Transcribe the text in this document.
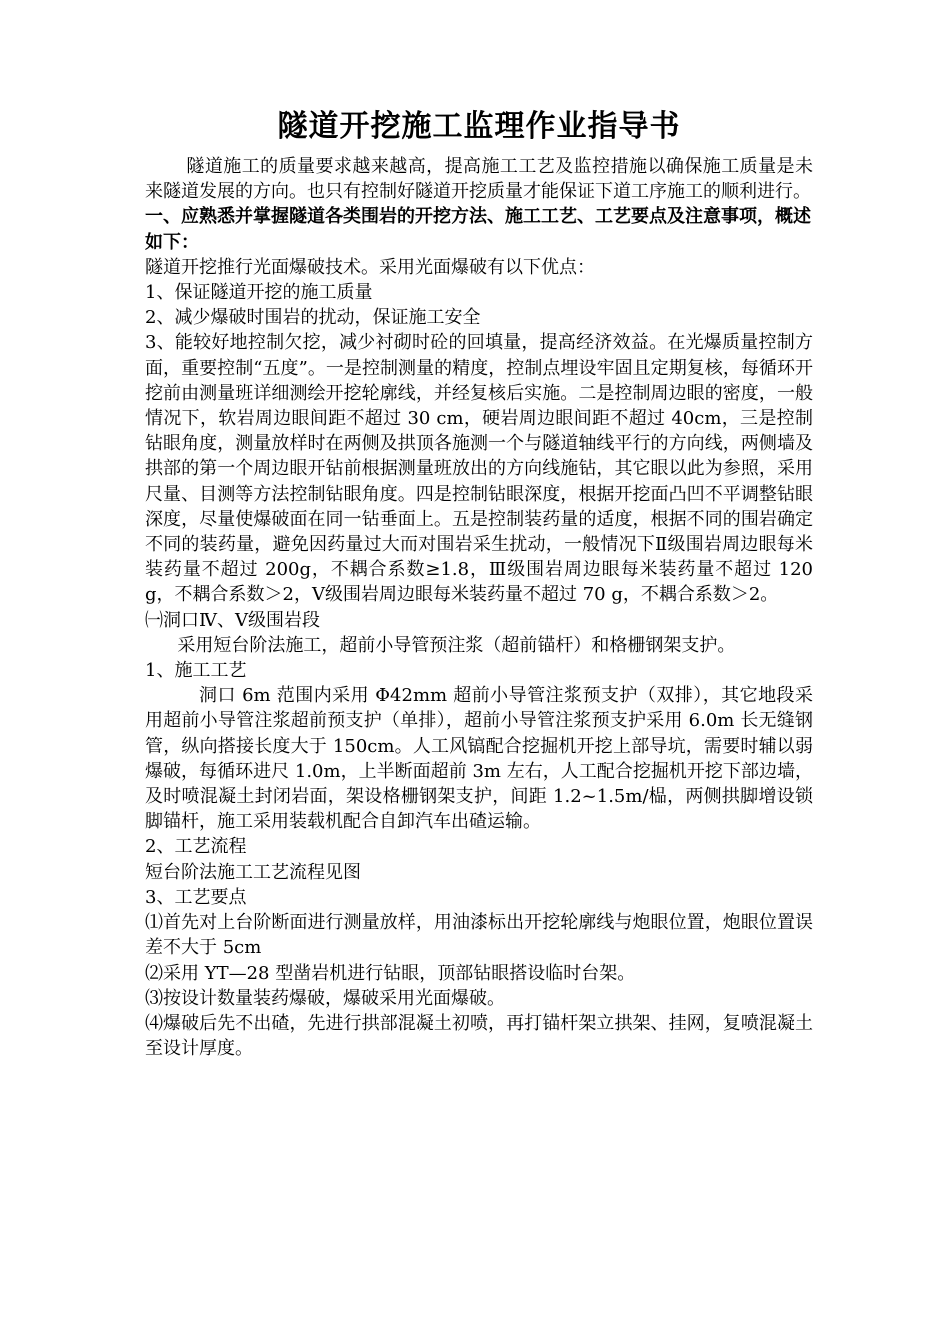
隧道开挖施工监理作业指导书

隧道施工的质量要求越来越高，提高施工工艺及监控措施以确保施工质量是未来隧道发展的方向。也只有控制好隧道开挖质量才能保证下道工序施工的顺利进行。

一、应熟悉并掌握隧道各类围岩的开挖方法、施工工艺、工艺要点及注意事项，概述如下：

隧道开挖推行光面爆破技术。采用光面爆破有以下优点：

1、保证隧道开挖的施工质量

2、减少爆破时围岩的扰动，保证施工安全

3、能较好地控制欠挖，减少衬砌时砼的回填量，提高经济效益。在光爆质量控制方面，重要控制“五度”。一是控制测量的精度，控制点埋设牢固且定期复核，每循环开挖前由测量班详细测绘开挖轮廓线，并经复核后实施。二是控制周边眼的密度，一般情况下，软岩周边眼间距不超过 30 cm，硬岩周边眼间距不超过 40cm，三是控制钻眼角度，测量放样时在两侧及拱顶各施测一个与隧道轴线平行的方向线，两侧墙及拱部的第一个周边眼开钻前根据测量班放出的方向线施钻，其它眼以此为参照，采用尺量、目测等方法控制钻眼角度。四是控制钻眼深度，根据开挖面凸凹不平调整钻眼深度，尽量使爆破面在同一钻垂面上。五是控制装药量的适度，根据不同的围岩确定不同的装药量，避免因药量过大而对围岩采生扰动，一般情况下Ⅱ级围岩周边眼每米装药量不超过 200g，不耦合系数≥1.8，Ⅲ级围岩周边眼每米装药量不超过 120 g，不耦合系数＞2，Ⅴ级围岩周边眼每米装药量不超过 70 g，不耦合系数＞2。

㈠洞口Ⅳ、Ⅴ级围岩段

采用短台阶法施工，超前小导管预注浆（超前锚杆）和格栅钢架支护。

1、施工工艺

洞口 6m 范围内采用 Φ42mm 超前小导管注浆预支护（双排），其它地段采用超前小导管注浆超前预支护（单排），超前小导管注浆预支护采用 6.0m 长无缝钢管，纵向搭接长度大于 150cm。人工风镐配合挖掘机开挖上部导坑，需要时辅以弱爆破，每循环进尺 1.0m，上半断面超前 3m 左右，人工配合挖掘机开挖下部边墙，及时喷混凝土封闭岩面，架设格栅钢架支护，间距 1.2~1.5m/榀，两侧拱脚增设锁脚锚杆，施工采用装载机配合自卸汽车出碴运输。

2、工艺流程

短台阶法施工工艺流程见图

3、工艺要点

⑴首先对上台阶断面进行测量放样，用油漆标出开挖轮廓线与炮眼位置，炮眼位置误差不大于 5cm

⑵采用 YT—28 型凿岩机进行钻眼，顶部钻眼搭设临时台架。

⑶按设计数量装药爆破，爆破采用光面爆破。

⑷爆破后先不出碴，先进行拱部混凝土初喷，再打锚杆架立拱架、挂网，复喷混凝土至设计厚度。
